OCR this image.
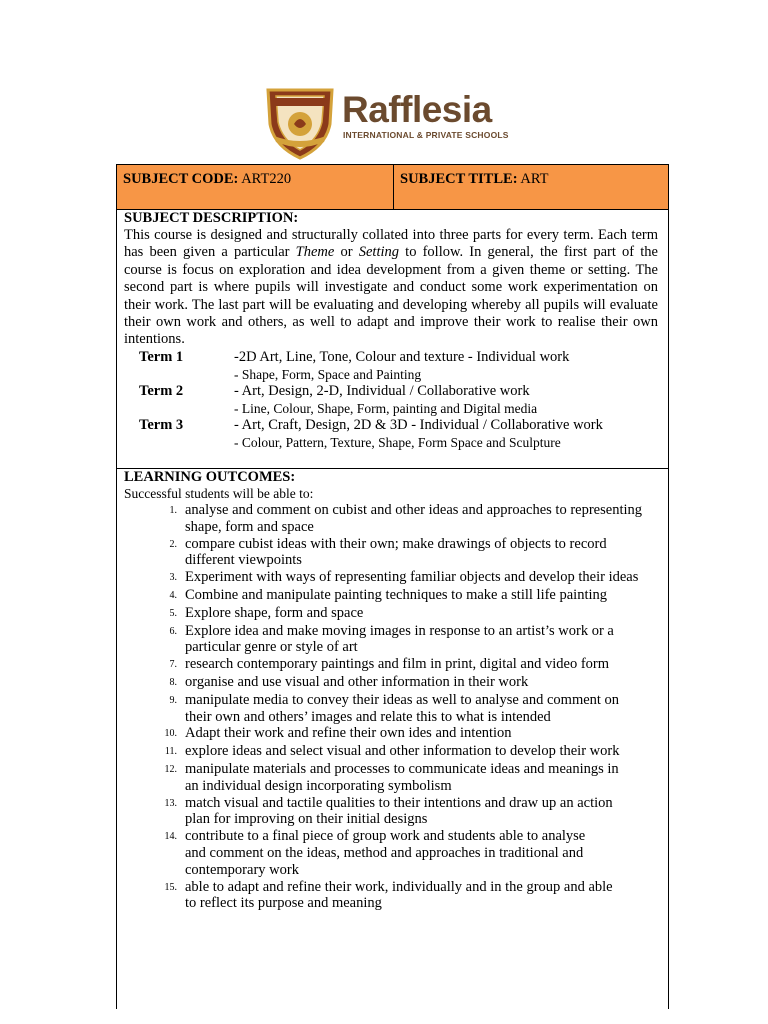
Rafflesia
INTERNATIONAL & PRIVATE SCHOOLS
SUBJECT CODE: ART220	SUBJECT TITLE: ART
SUBJECT DESCRIPTION:
This course is designed and structurally collated into three parts for every term. Each term has been given a particular Theme or Setting to follow. In general, the first part of the course is focus on exploration and idea development from a given theme or setting. The second part is where pupils will investigate and conduct some work experimentation on their work. The last part will be evaluating and developing whereby all pupils will evaluate their own work and others, as well to adapt and improve their work to realise their own intentions.
Term 1	-2D Art, Line, Tone, Colour and texture - Individual work
- Shape, Form, Space and Painting
Term 2	- Art, Design, 2-D, Individual / Collaborative work
- Line, Colour, Shape, Form, painting and Digital media
Term 3	- Art, Craft, Design, 2D & 3D - Individual / Collaborative work
- Colour, Pattern, Texture, Shape, Form Space and Sculpture
LEARNING OUTCOMES:
Successful students will be able to:
1. analyse and comment on cubist and other ideas and approaches to representing shape, form and space
2. compare cubist ideas with their own; make drawings of objects to record different viewpoints
3. Experiment with ways of representing familiar objects and develop their ideas
4. Combine and manipulate painting techniques to make a still life painting
5. Explore shape, form and space
6. Explore idea and make moving images in response to an artist’s work or a particular genre or style of art
7. research contemporary paintings and film in print, digital and video form
8. organise and use visual and other information in their work
9. manipulate media to convey their ideas as well to analyse and comment on their own and others’ images and relate this to what is intended
10. Adapt their work and refine their own ides and intention
11. explore ideas and select visual and other information to develop their work
12. manipulate materials and processes to communicate ideas and meanings in an individual design incorporating symbolism
13. match visual and tactile qualities to their intentions and draw up an action plan for improving on their initial designs
14. contribute to a final piece of group work and students able to analyse and comment on the ideas, method and approaches in traditional and contemporary work
15. able to adapt and refine their work, individually and in the group and able to reflect its purpose and meaning
